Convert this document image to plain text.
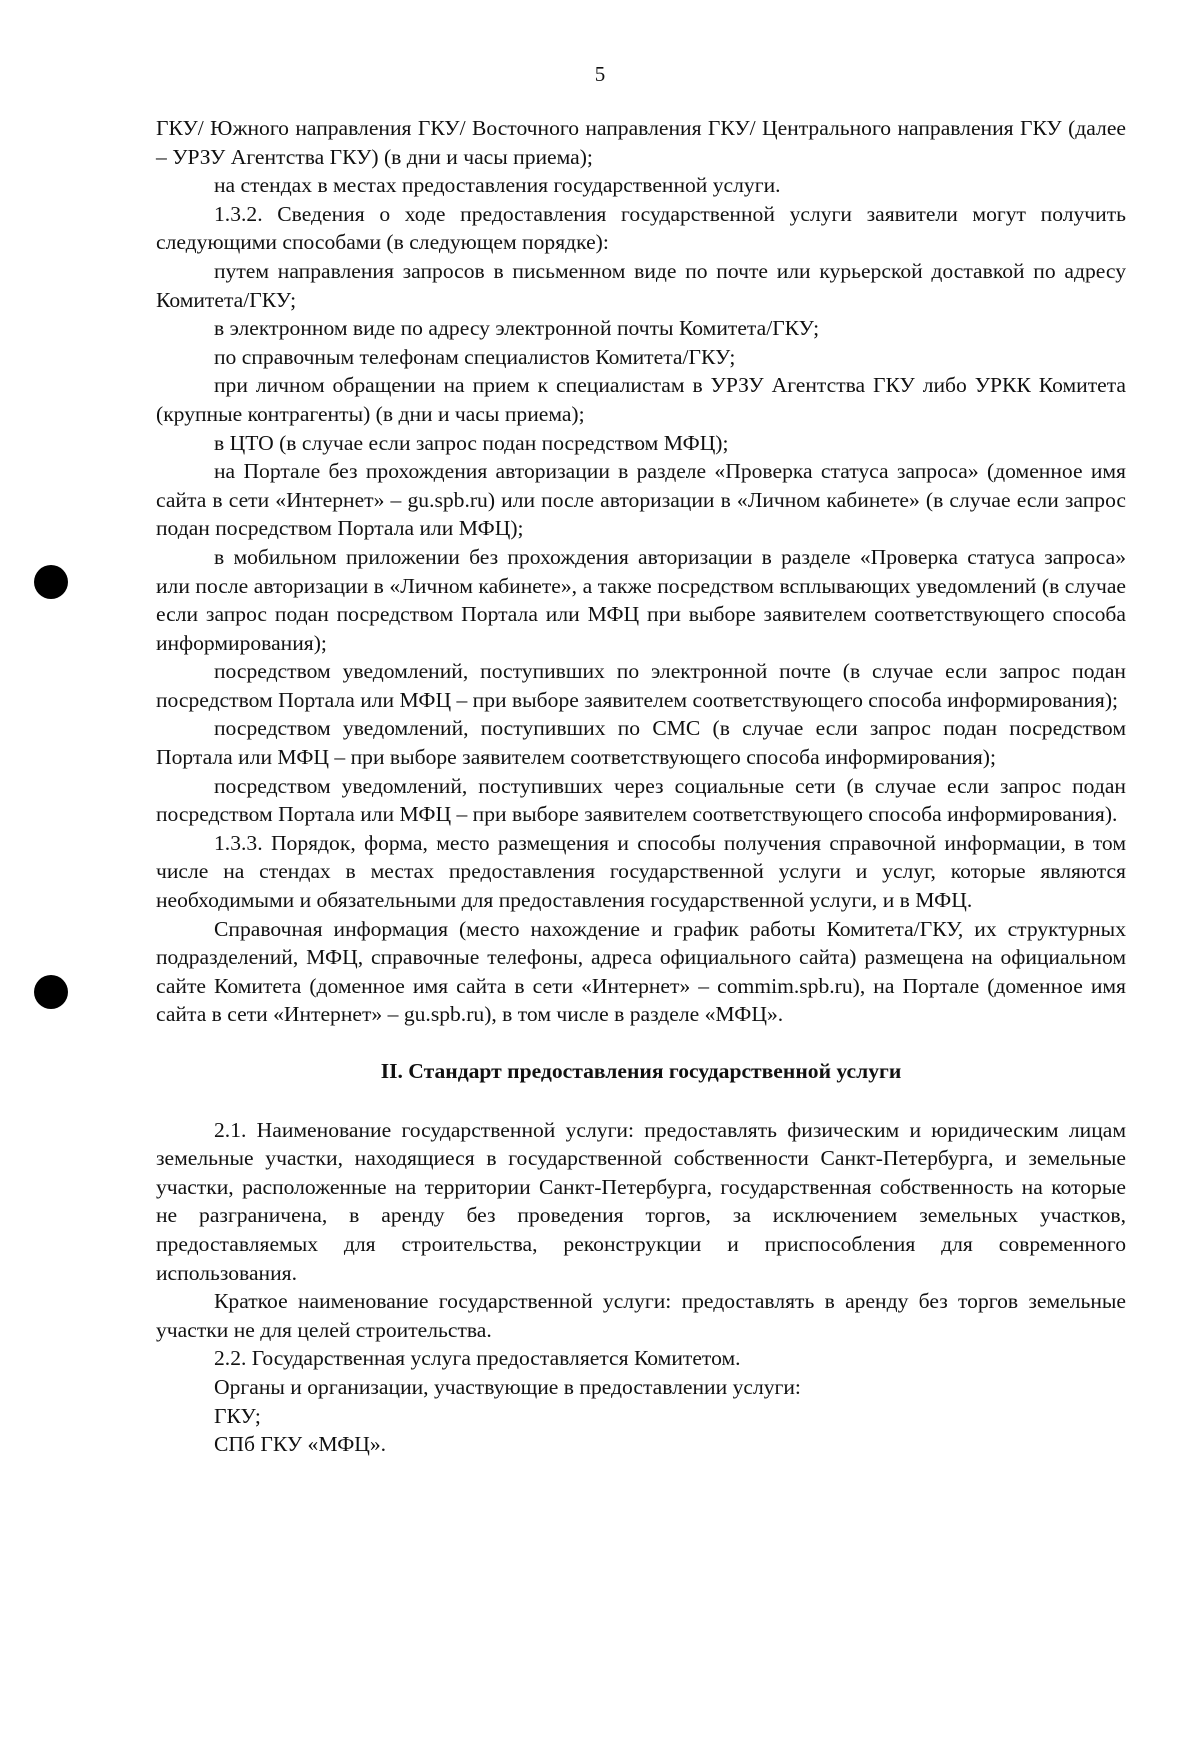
5

ГКУ/ Южного направления ГКУ/ Восточного направления ГКУ/ Центрального направления ГКУ (далее – УРЗУ Агентства ГКУ) (в дни и часы приема);

на стендах в местах предоставления государственной услуги.

1.3.2. Сведения о ходе предоставления государственной услуги заявители могут получить следующими способами (в следующем порядке):

путем направления запросов в письменном виде по почте или курьерской доставкой по адресу Комитета/ГКУ;

в электронном виде по адресу электронной почты Комитета/ГКУ;

по справочным телефонам специалистов Комитета/ГКУ;

при личном обращении на прием к специалистам в УРЗУ Агентства ГКУ либо УРКК Комитета (крупные контрагенты) (в дни и часы приема);

в ЦТО (в случае если запрос подан посредством МФЦ);

на Портале без прохождения авторизации в разделе «Проверка статуса запроса» (доменное имя сайта в сети «Интернет» – gu.spb.ru) или после авторизации в «Личном кабинете» (в случае если запрос подан посредством Портала или МФЦ);

в мобильном приложении без прохождения авторизации в разделе «Проверка статуса запроса» или после авторизации в «Личном кабинете», а также посредством всплывающих уведомлений (в случае если запрос подан посредством Портала или МФЦ при выборе заявителем соответствующего способа информирования);

посредством уведомлений, поступивших по электронной почте (в случае если запрос подан посредством Портала или МФЦ – при выборе заявителем соответствующего способа информирования);

посредством уведомлений, поступивших по СМС (в случае если запрос подан посредством Портала или МФЦ – при выборе заявителем соответствующего способа информирования);

посредством уведомлений, поступивших через социальные сети (в случае если запрос подан посредством Портала или МФЦ – при выборе заявителем соответствующего способа информирования).

1.3.3. Порядок, форма, место размещения и способы получения справочной информации, в том числе на стендах в местах предоставления государственной услуги и услуг, которые являются необходимыми и обязательными для предоставления государственной услуги, и в МФЦ.

Справочная информация (место нахождение и график работы Комитета/ГКУ, их структурных подразделений, МФЦ, справочные телефоны, адреса официального сайта) размещена на официальном сайте Комитета (доменное имя сайта в сети «Интернет» – commim.spb.ru), на Портале (доменное имя сайта в сети «Интернет» – gu.spb.ru), в том числе в разделе «МФЦ».

II. Стандарт предоставления государственной услуги

2.1. Наименование государственной услуги: предоставлять физическим и юридическим лицам земельные участки, находящиеся в государственной собственности Санкт-Петербурга, и земельные участки, расположенные на территории Санкт-Петербурга, государственная собственность на которые не разграничена, в аренду без проведения торгов, за исключением земельных участков, предоставляемых для строительства, реконструкции и приспособления для современного использования.

Краткое наименование государственной услуги: предоставлять в аренду без торгов земельные участки не для целей строительства.

2.2. Государственная услуга предоставляется Комитетом.

Органы и организации, участвующие в предоставлении услуги:

ГКУ;

СПб ГКУ «МФЦ».
